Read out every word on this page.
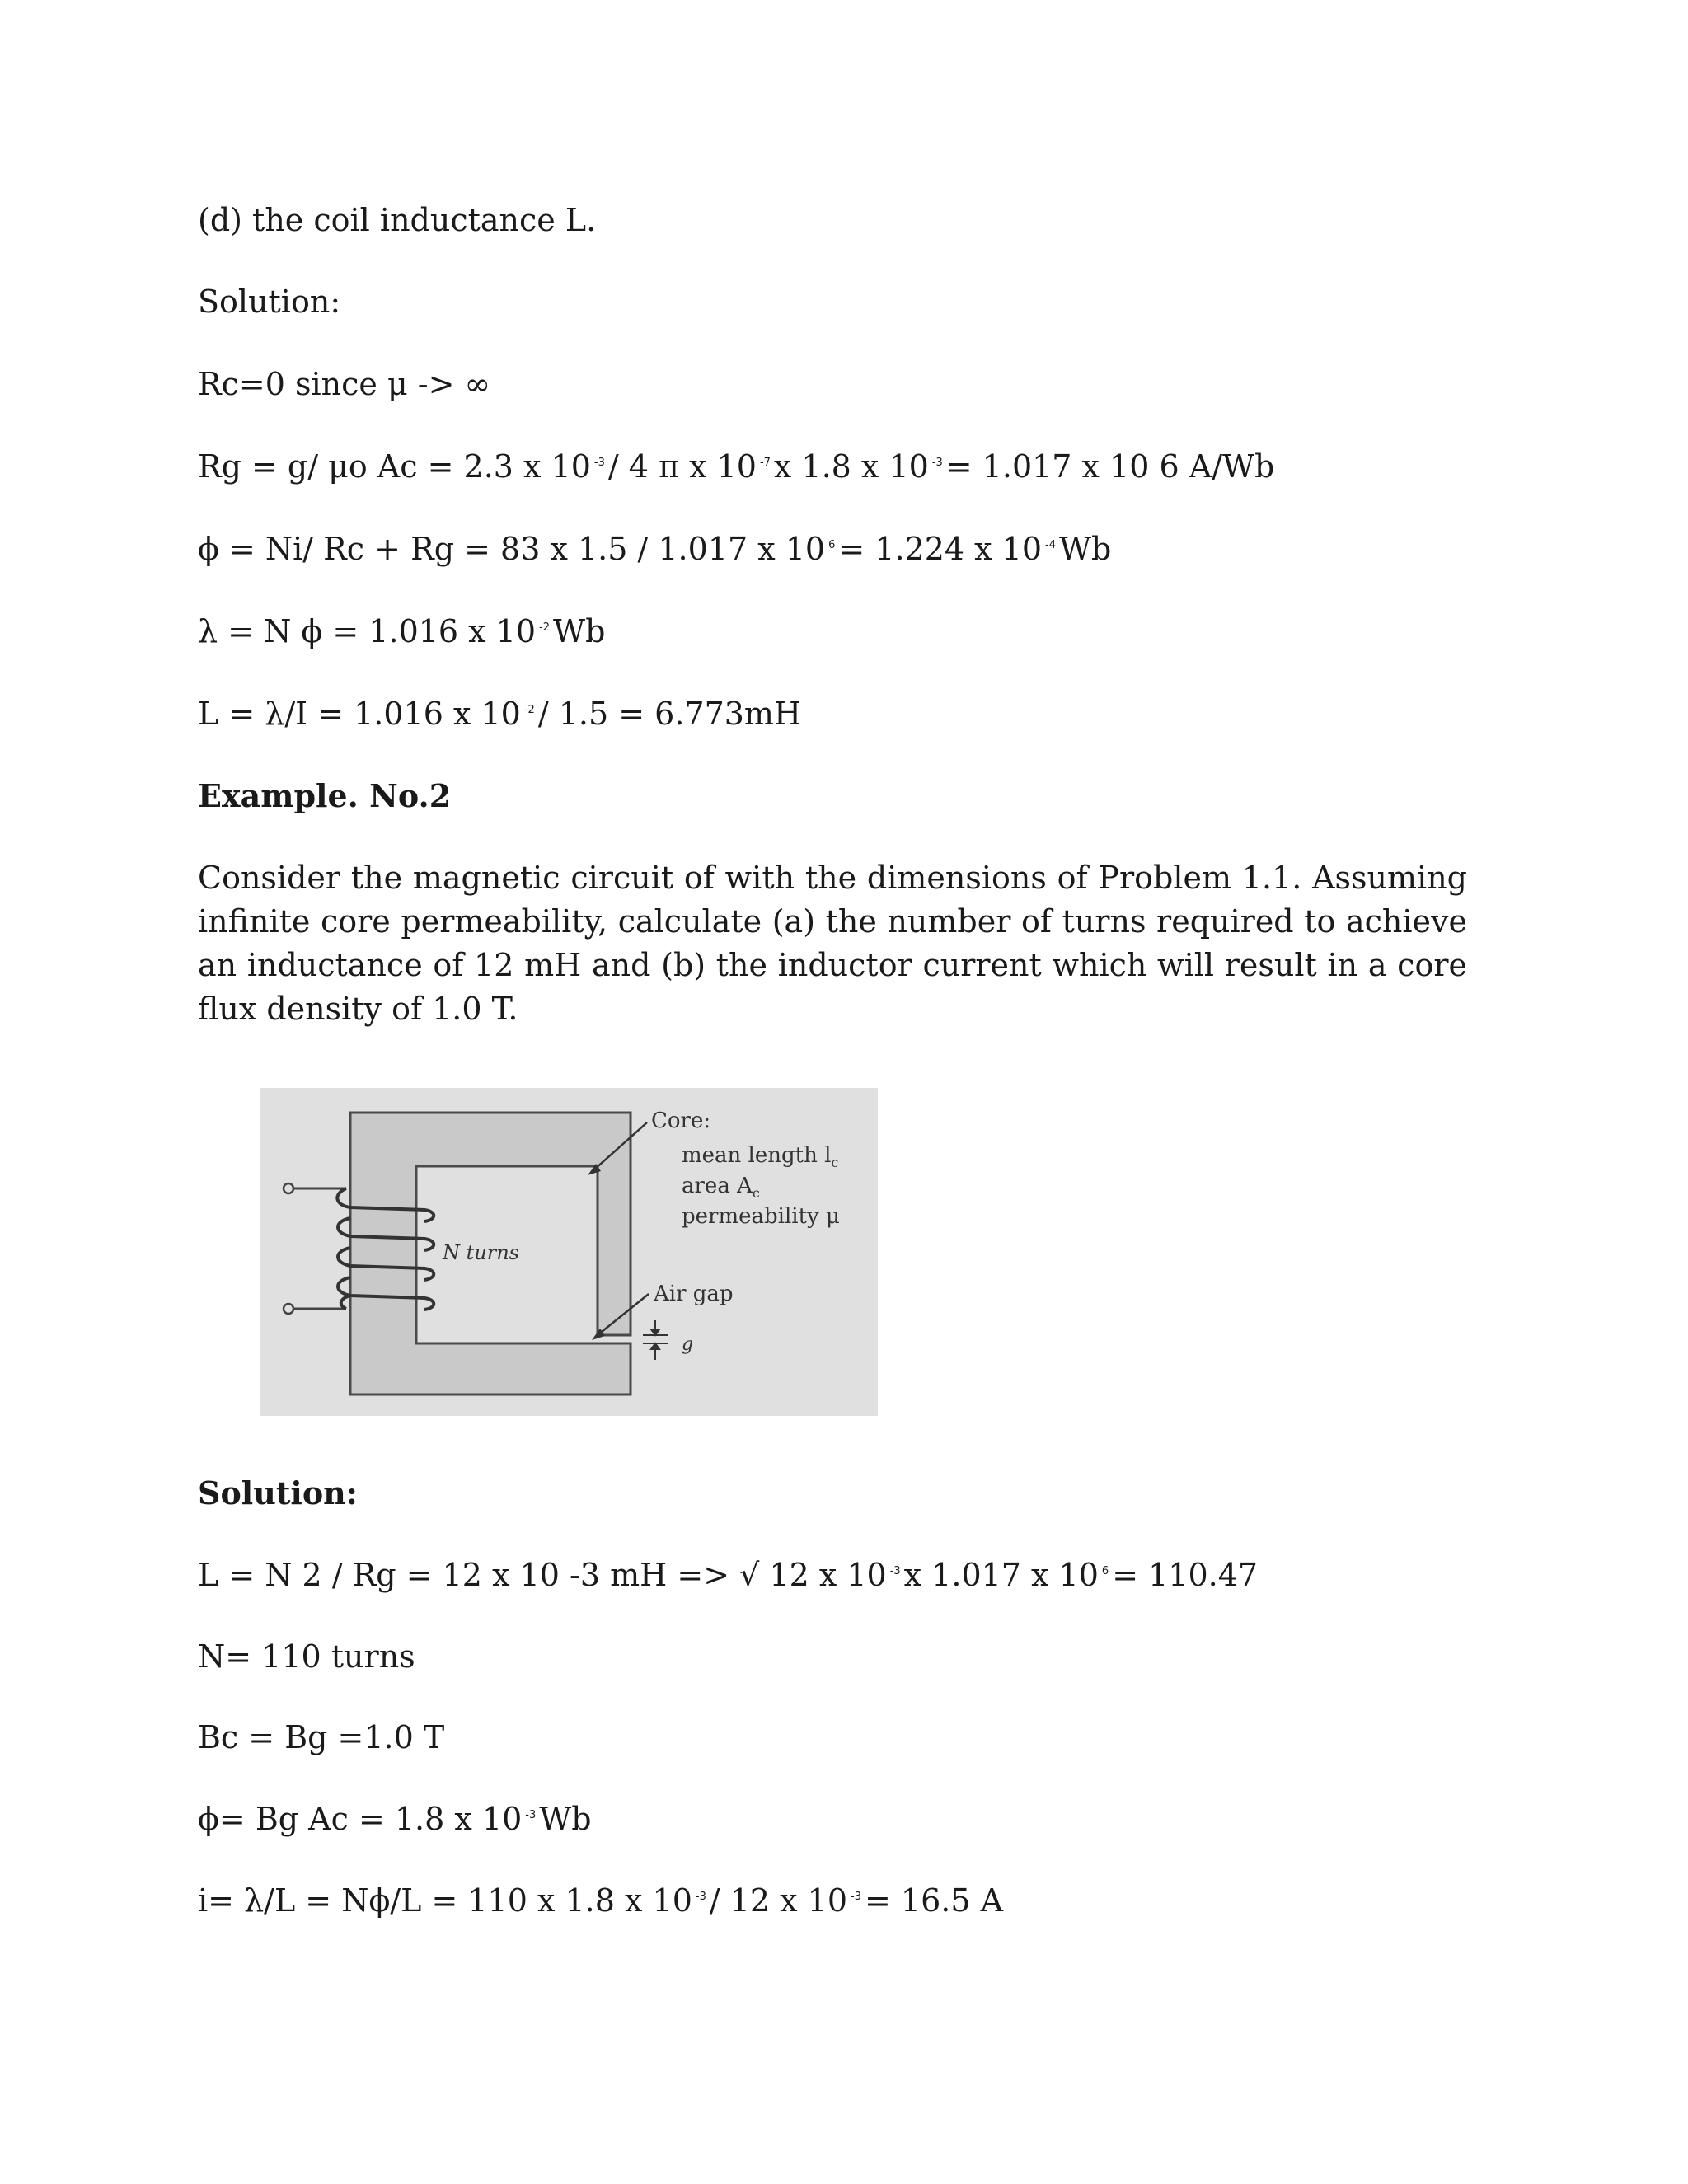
(d) the coil inductance L.

Solution:

Rc=0 since μ -> ∞

Rg = g/ μo Ac = 2.3 x 10 $^{-3}$ / 4 π x 10 $^{-7}$ x 1.8 x 10 $^{-3}$ = 1.017 x 10 6 A/Wb

ϕ = Ni/ Rc + Rg = 83 x 1.5 / 1.017 x 10 $^6$ = 1.224 x 10 $^{-4}$ Wb

λ = N ϕ = 1.016 x 10 $^{-2}$ Wb

L = λ/I = 1.016 x 10 $^{-2}$ / 1.5 = 6.773mH

Example. No.2

Consider the magnetic circuit of with the dimensions of Problem 1.1. Assuming infinite core permeability, calculate (a) the number of turns required to achieve an inductance of 12 mH and (b) the inductor current which will result in a core flux density of 1.0 T.

N turns
Core:
mean length $l_c$
area $A_c$
permeability μ
Air gap
g

Solution:

L = N 2 / Rg = 12 x 10 -3 mH => √ 12 x 10 $^{-3}$ x 1.017 x 10 $^6$ = 110.47

N= 110 turns

Bc = Bg =1.0 T

ϕ= Bg Ac = 1.8 x 10 $^{-3}$ Wb

i= λ/L = Nϕ/L = 110 x 1.8 x 10 $^{-3}$ / 12 x 10 $^{-3}$ = 16.5 A
